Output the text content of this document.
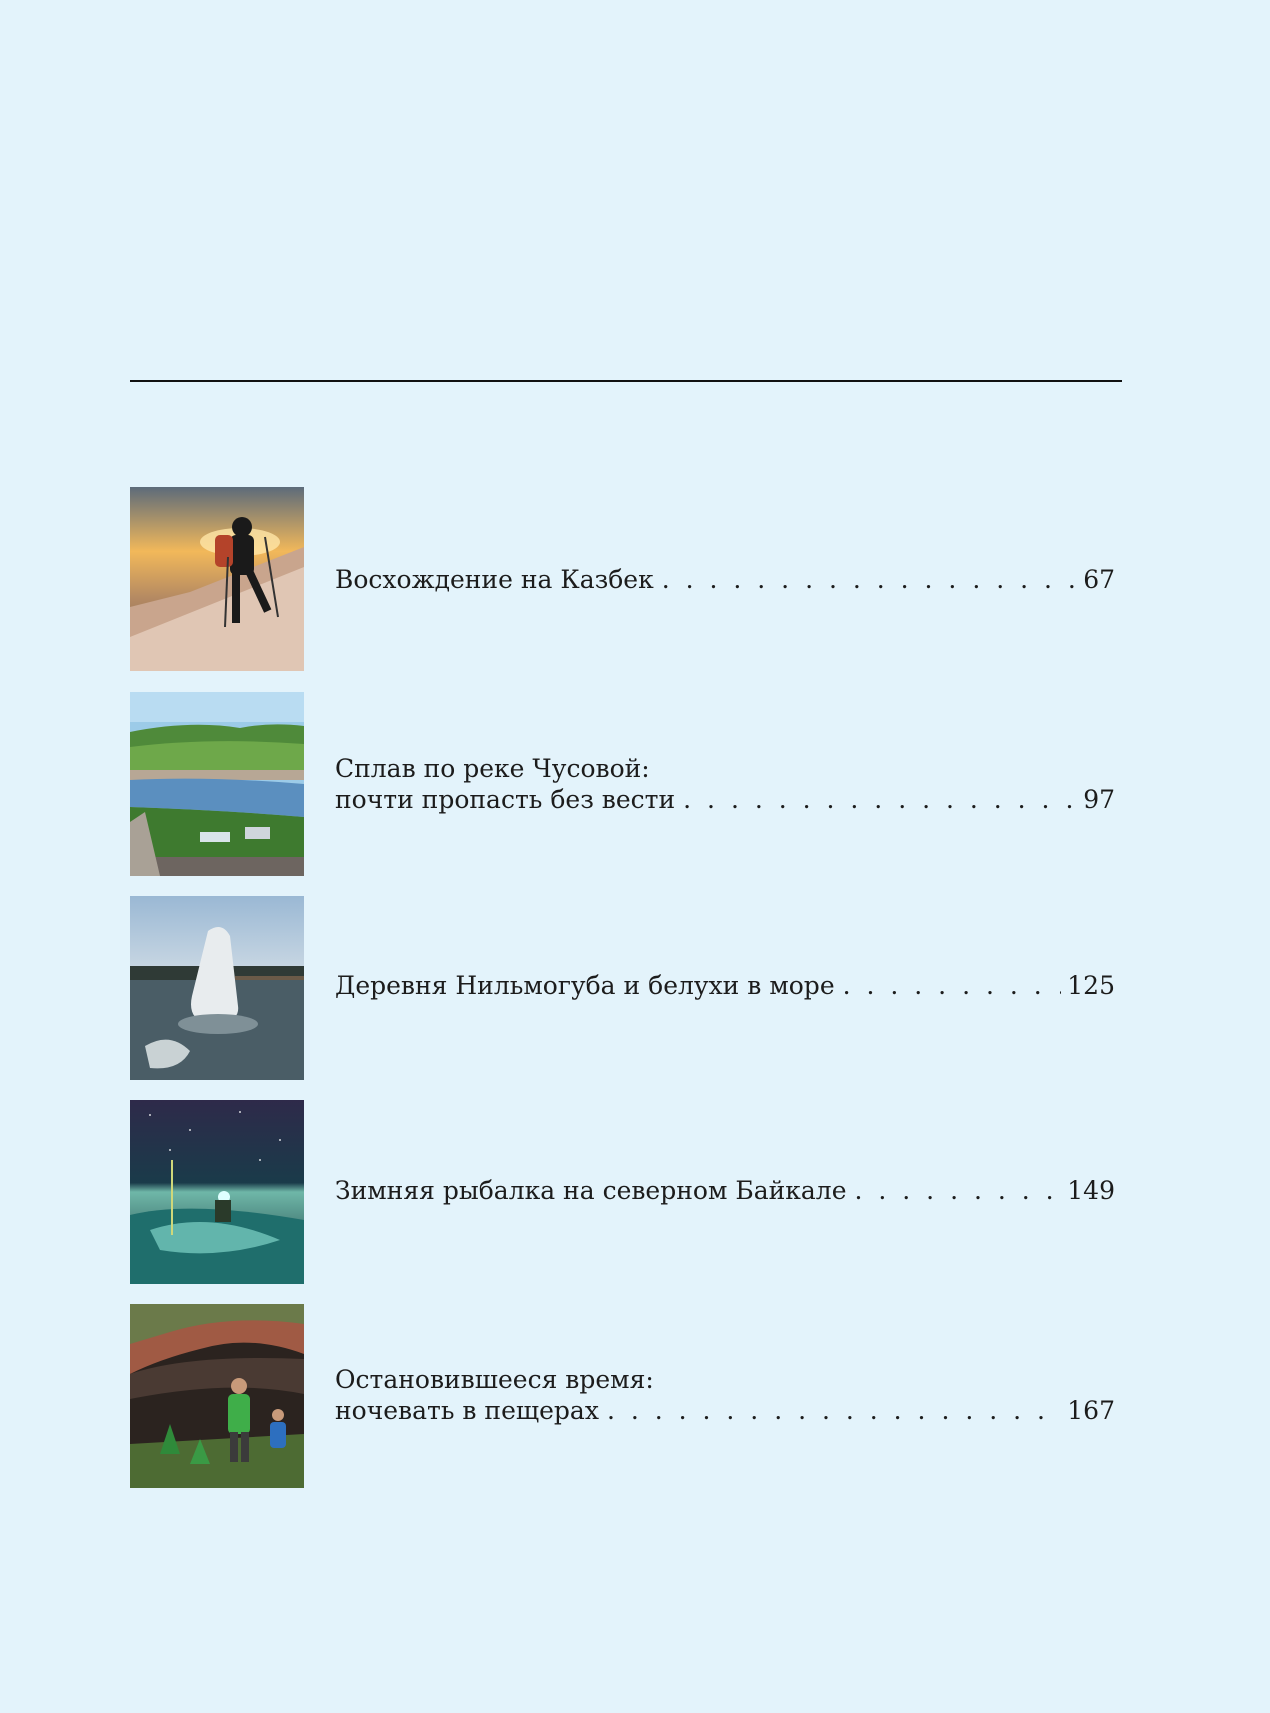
Восхождение на Казбек . . .	67
Сплав по реке Чусовой:
почти пропасть без вести . . .	97
Деревня Нильмогуба и белухи в море . . .	125
Зимняя рыбалка на северном Байкале . . .	149
Остановившееся время:
ночевать в пещерах . . .	167
